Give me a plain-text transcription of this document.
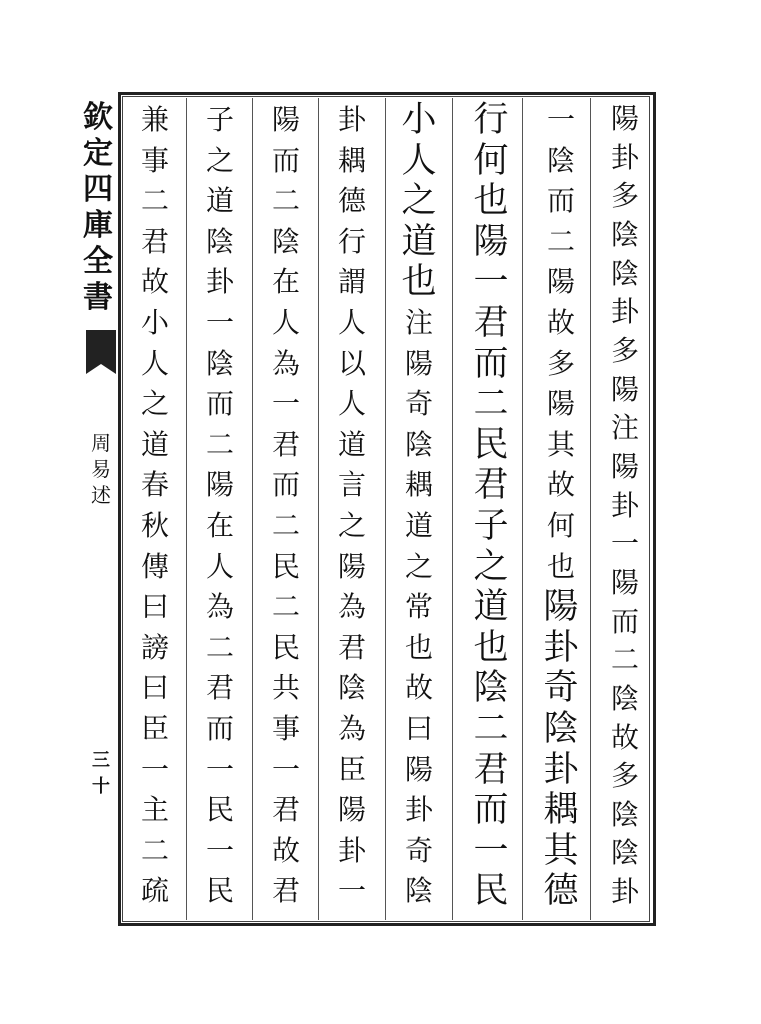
欽
定
四
庫
全
書
周
易
述
三十
陽
卦
多
陰
陰
卦
多
陽
注
陽
卦
一
陽
而
二
陰
故
多
陰
陰
卦
一
陰
而
二
陽
故
多
陽
其
故
何
也
陽
卦
奇
陰
卦
耦
其
德
行
何
也
陽
一
君
而
二
民
君
子
之
道
也
陰
二
君
而
一
民
小
人
之
道
也
注
陽
奇
陰
耦
道
之
常
也
故
曰
陽
卦
奇
陰
卦
耦
德
行
謂
人
以
人
道
言
之
陽
為
君
陰
為
臣
陽
卦
一
陽
而
二
陰
在
人
為
一
君
而
二
民
二
民
共
事
一
君
故
君
子
之
道
陰
卦
一
陰
而
二
陽
在
人
為
二
君
而
一
民
一
民
兼
事
二
君
故
小
人
之
道
春
秋
傳
曰
謗
曰
臣
一
主
二
疏
